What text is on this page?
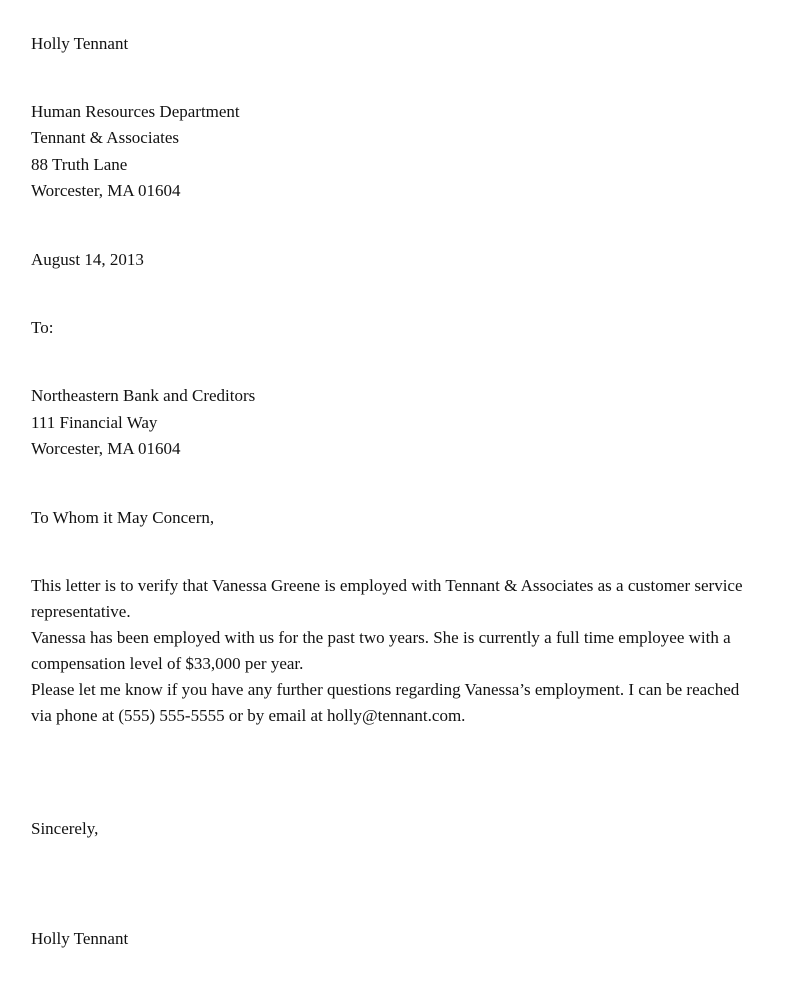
Holly Tennant
Human Resources Department
Tennant & Associates
88 Truth Lane
Worcester, MA 01604
August 14, 2013
To:
Northeastern Bank and Creditors
111 Financial Way
Worcester, MA 01604
To Whom it May Concern,
This letter is to verify that Vanessa Greene is employed with Tennant & Associates as a customer service
representative.
Vanessa has been employed with us for the past two years. She is currently a full time employee with a
compensation level of $33,000 per year.
Please let me know if you have any further questions regarding Vanessa’s employment. I can be reached
via phone at (555) 555-5555 or by email at holly@tennant.com.
Sincerely,
Holly Tennant
